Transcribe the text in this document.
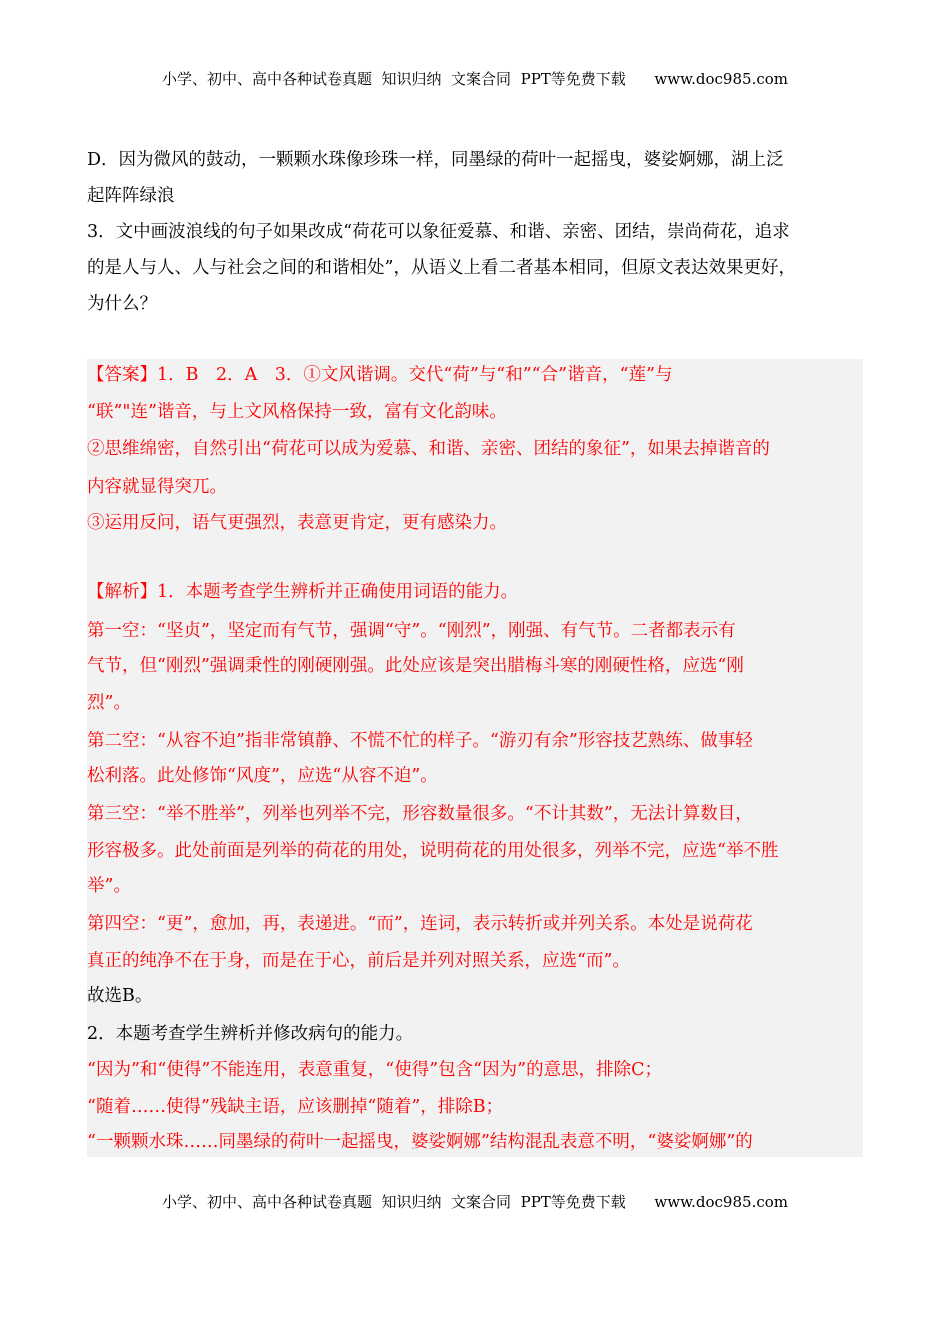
小学、初中、高中各种试卷真题  知识归纳  文案合同  PPT等免费下载      www.doc985.com
D．因为微风的鼓动，一颗颗水珠像珍珠一样，同墨绿的荷叶一起摇曳，婆娑婀娜，湖上泛
起阵阵绿浪
3．文中画波浪线的句子如果改成“荷花可以象征爱慕、和谐、亲密、团结，崇尚荷花，追求
的是人与人、人与社会之间的和谐相处”，从语义上看二者基本相同，但原文表达效果更好，
为什么？
【答案】1．B　2．A　3．①文风谐调。交代“荷”与“和”“合”谐音，“莲”与
“联”"连”谐音，与上文风格保持一致，富有文化韵味。
②思维绵密，自然引出“荷花可以成为爱慕、和谐、亲密、团结的象征”，如果去掉谐音的
内容就显得突兀。
③运用反问，语气更强烈，表意更肯定，更有感染力。
【解析】1．本题考查学生辨析并正确使用词语的能力。
第一空：“坚贞”，坚定而有气节，强调“守”。“刚烈”，刚强、有气节。二者都表示有
气节，但“刚烈”强调秉性的刚硬刚强。此处应该是突出腊梅斗寒的刚硬性格，应选“刚
烈”。
第二空：“从容不迫”指非常镇静、不慌不忙的样子。“游刃有余”形容技艺熟练、做事轻
松利落。此处修饰“风度”，应选“从容不迫”。
第三空：“举不胜举”，列举也列举不完，形容数量很多。“不计其数”，无法计算数目，
形容极多。此处前面是列举的荷花的用处，说明荷花的用处很多，列举不完，应选“举不胜
举”。
第四空：“更”，愈加，再，表递进。“而”，连词，表示转折或并列关系。本处是说荷花
真正的纯净不在于身，而是在于心，前后是并列对照关系，应选“而”。
故选B。
2．本题考查学生辨析并修改病句的能力。
“因为”和“使得”不能连用，表意重复，“使得”包含“因为”的意思，排除C；
“随着……使得”残缺主语，应该删掉“随着”，排除B；
“一颗颗水珠……同墨绿的荷叶一起摇曳，婆娑婀娜”结构混乱表意不明，“婆娑婀娜”的
小学、初中、高中各种试卷真题  知识归纳  文案合同  PPT等免费下载      www.doc985.com
